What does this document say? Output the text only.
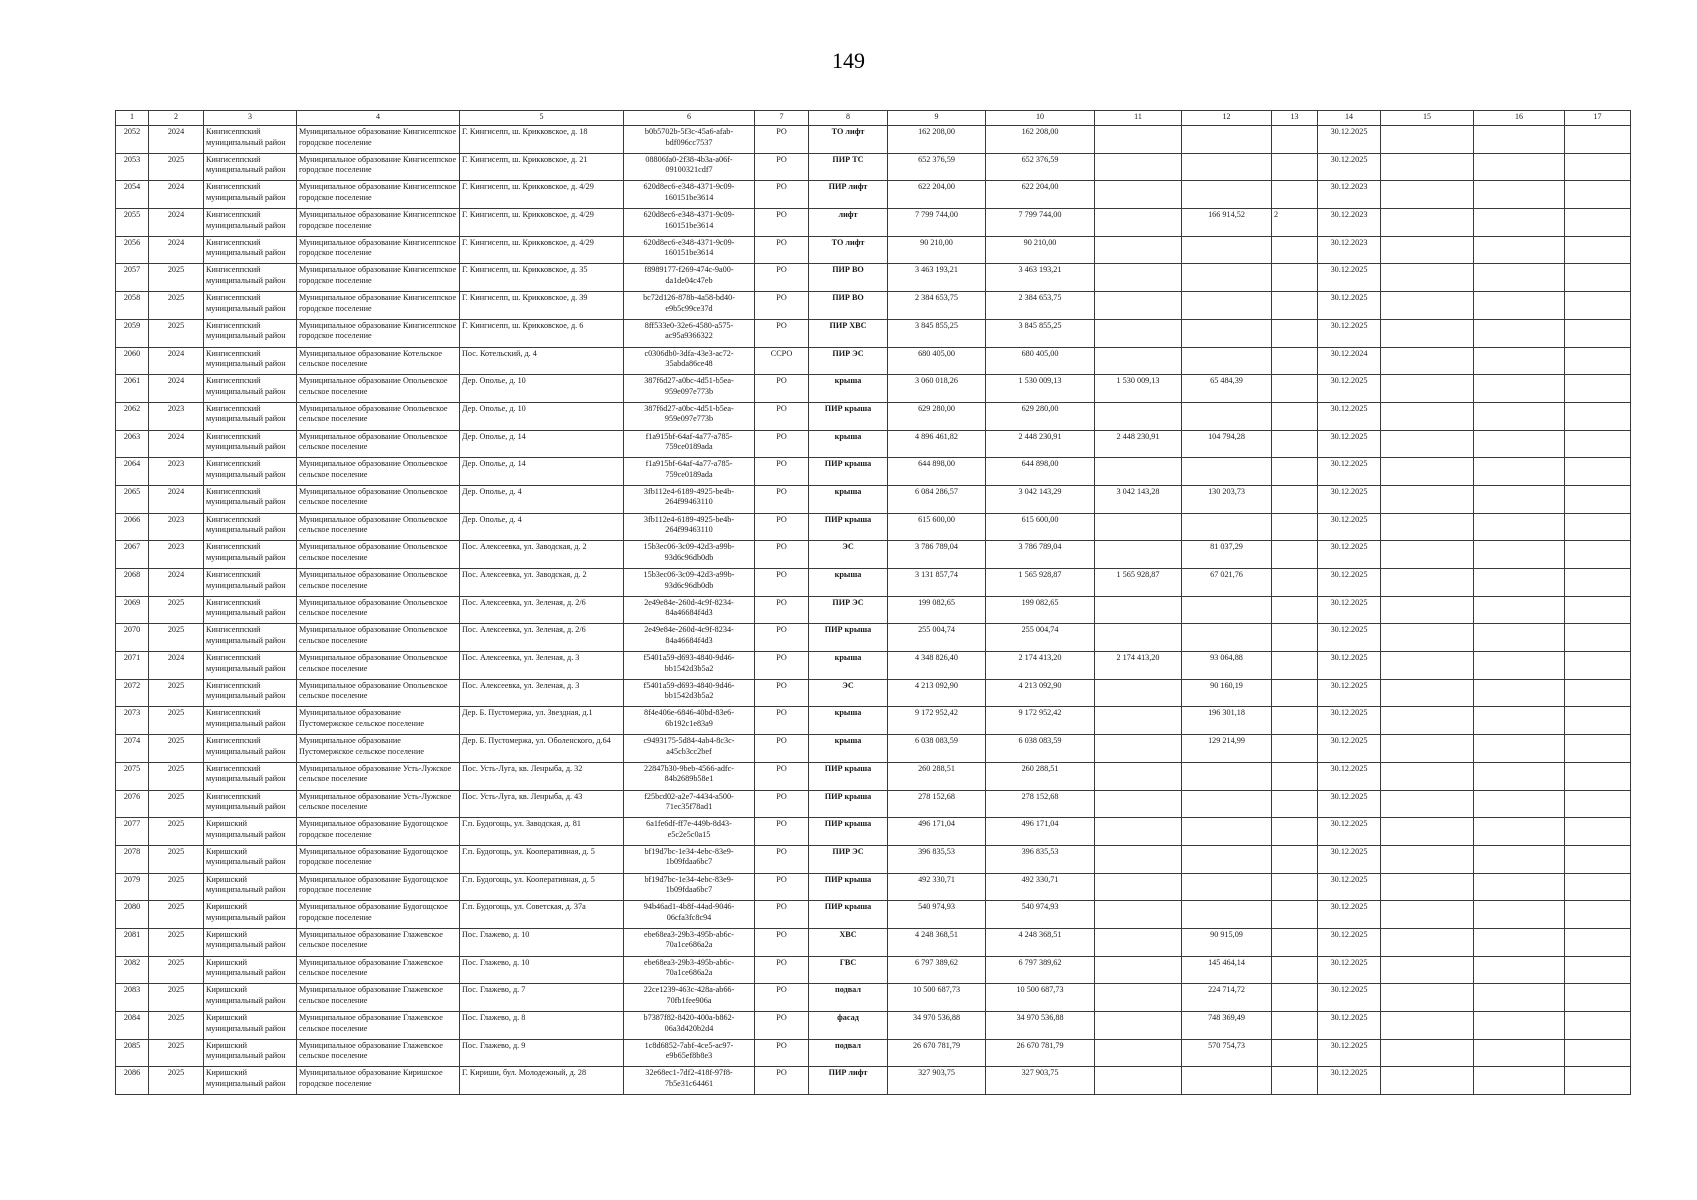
149
1	2	3	4	5	6	7	8	9	10	11	12	13	14	15	16	17
2052	2024	Кингисеппский муниципальный район	Муниципальное образование Кингисеппское городское поселение	Г. Кингисепп, ш. Крикковское, д. 18	b0b5702b-5f3c-45a6-afab-bdf096cc7537	РО	ТО лифт	162 208,00	162 208,00				30.12.2025			
2053	2025	Кингисеппский муниципальный район	Муниципальное образование Кингисеппское городское поселение	Г. Кингисепп, ш. Крикковское, д. 21	08806fa0-2f38-4b3a-a06f-09100321cdf7	РО	ПИР ТС	652 376,59	652 376,59				30.12.2025			
2054	2024	Кингисеппский муниципальный район	Муниципальное образование Кингисеппское городское поселение	Г. Кингисепп, ш. Крикковское, д. 4/29	620d8ec6-e348-4371-9c09-160151be3614	РО	ПИР лифт	622 204,00	622 204,00				30.12.2023			
2055	2024	Кингисеппский муниципальный район	Муниципальное образование Кингисеппское городское поселение	Г. Кингисепп, ш. Крикковское, д. 4/29	620d8ec6-e348-4371-9c09-160151be3614	РО	лифт	7 799 744,00	7 799 744,00		166 914,52	2	30.12.2023			
2056	2024	Кингисеппский муниципальный район	Муниципальное образование Кингисеппское городское поселение	Г. Кингисепп, ш. Крикковское, д. 4/29	620d8ec6-e348-4371-9c09-160151be3614	РО	ТО лифт	90 210,00	90 210,00				30.12.2023			
2057	2025	Кингисеппский муниципальный район	Муниципальное образование Кингисеппское городское поселение	Г. Кингисепп, ш. Крикковское, д. 35	f8989177-f269-474c-9a00-da1de04c47eb	РО	ПИР ВО	3 463 193,21	3 463 193,21				30.12.2025			
2058	2025	Кингисеппский муниципальный район	Муниципальное образование Кингисеппское городское поселение	Г. Кингисепп, ш. Крикковское, д. 39	bc72d126-878b-4a58-bd40-e9b5c99ce37d	РО	ПИР ВО	2 384 653,75	2 384 653,75				30.12.2025			
2059	2025	Кингисеппский муниципальный район	Муниципальное образование Кингисеппское городское поселение	Г. Кингисепп, ш. Крикковское, д. 6	8ff533e0-32e6-4580-a575-ac95a9366322	РО	ПИР ХВС	3 845 855,25	3 845 855,25				30.12.2025			
2060	2024	Кингисеппский муниципальный район	Муниципальное образование Котельское сельское поселение	Пос. Котельский, д. 4	c0306db0-3dfa-43e3-ac72-35abda86ce48	ССРО	ПИР ЭС	680 405,00	680 405,00				30.12.2024			
2061	2024	Кингисеппский муниципальный район	Муниципальное образование Опольевское сельское поселение	Дер. Ополье, д. 10	387f6d27-a0bc-4d51-b5ea-959e097e773b	РО	крыша	3 060 018,26	1 530 009,13	1 530 009,13	65 484,39		30.12.2025			
2062	2023	Кингисеппский муниципальный район	Муниципальное образование Опольевское сельское поселение	Дер. Ополье, д. 10	387f6d27-a0bc-4d51-b5ea-959e097e773b	РО	ПИР крыша	629 280,00	629 280,00				30.12.2025			
2063	2024	Кингисеппский муниципальный район	Муниципальное образование Опольевское сельское поселение	Дер. Ополье, д. 14	f1a915bf-64af-4a77-a785-759ce0189ada	РО	крыша	4 896 461,82	2 448 230,91	2 448 230,91	104 794,28		30.12.2025			
2064	2023	Кингисеппский муниципальный район	Муниципальное образование Опольевское сельское поселение	Дер. Ополье, д. 14	f1a915bf-64af-4a77-a785-759ce0189ada	РО	ПИР крыша	644 898,00	644 898,00				30.12.2025			
2065	2024	Кингисеппский муниципальный район	Муниципальное образование Опольевское сельское поселение	Дер. Ополье, д. 4	3fb112e4-6189-4925-be4b-264f99463110	РО	крыша	6 084 286,57	3 042 143,29	3 042 143,28	130 203,73		30.12.2025			
2066	2023	Кингисеппский муниципальный район	Муниципальное образование Опольевское сельское поселение	Дер. Ополье, д. 4	3fb112e4-6189-4925-be4b-264f99463110	РО	ПИР крыша	615 600,00	615 600,00				30.12.2025			
2067	2023	Кингисеппский муниципальный район	Муниципальное образование Опольевское сельское поселение	Пос. Алексеевка, ул. Заводская, д. 2	15b3ec06-3c09-42d3-a99b-93d6c96db0db	РО	ЭС	3 786 789,04	3 786 789,04		81 037,29		30.12.2025			
2068	2024	Кингисеппский муниципальный район	Муниципальное образование Опольевское сельское поселение	Пос. Алексеевка, ул. Заводская, д. 2	15b3ec06-3c09-42d3-a99b-93d6c96db0db	РО	крыша	3 131 857,74	1 565 928,87	1 565 928,87	67 021,76		30.12.2025			
2069	2025	Кингисеппский муниципальный район	Муниципальное образование Опольевское сельское поселение	Пос. Алексеевка, ул. Зеленая, д. 2/6	2e49e84e-260d-4c9f-8234-84a46684f4d3	РО	ПИР ЭС	199 082,65	199 082,65				30.12.2025			
2070	2025	Кингисеппский муниципальный район	Муниципальное образование Опольевское сельское поселение	Пос. Алексеевка, ул. Зеленая, д. 2/6	2e49e84e-260d-4c9f-8234-84a46684f4d3	РО	ПИР крыша	255 004,74	255 004,74				30.12.2025			
2071	2024	Кингисеппский муниципальный район	Муниципальное образование Опольевское сельское поселение	Пос. Алексеевка, ул. Зеленая, д. 3	f5401a59-d693-4840-9d46-bb1542d3b5a2	РО	крыша	4 348 826,40	2 174 413,20	2 174 413,20	93 064,88		30.12.2025			
2072	2025	Кингисеппский муниципальный район	Муниципальное образование Опольевское сельское поселение	Пос. Алексеевка, ул. Зеленая, д. 3	f5401a59-d693-4840-9d46-bb1542d3b5a2	РО	ЭС	4 213 092,90	4 213 092,90		90 160,19		30.12.2025			
2073	2025	Кингисеппский муниципальный район	Муниципальное образование Пустомержское сельское поселение	Дер. Б. Пустомержа, ул. Звездная, д.1	8f4e406e-6846-40bd-83e6-6b192c1e83a9	РО	крыша	9 172 952,42	9 172 952,42		196 301,18		30.12.2025			
2074	2025	Кингисеппский муниципальный район	Муниципальное образование Пустомержское сельское поселение	Дер. Б. Пустомержа, ул. Оболенского, д.64	c9493175-5d84-4ab4-8c3c-a45cb3cc2bef	РО	крыша	6 038 083,59	6 038 083,59		129 214,99		30.12.2025			
2075	2025	Кингисеппский муниципальный район	Муниципальное образование Усть-Лужское сельское поселение	Пос. Усть-Луга, кв. Ленрыба, д. 32	22847b30-9beb-4566-adfc-84b2689b58e1	РО	ПИР крыша	260 288,51	260 288,51				30.12.2025			
2076	2025	Кингисеппский муниципальный район	Муниципальное образование Усть-Лужское сельское поселение	Пос. Усть-Луга, кв. Ленрыба, д. 43	f25bcd02-a2e7-4434-a500-71ec35f78ad1	РО	ПИР крыша	278 152,68	278 152,68				30.12.2025			
2077	2025	Киришский муниципальный район	Муниципальное образование Будогощское городское поселение	Г.п. Будогощь, ул. Заводская, д. 81	6a1fe6df-ff7e-449b-8d43-e5c2e5c0a15	РО	ПИР крыша	496 171,04	496 171,04				30.12.2025			
2078	2025	Киришский муниципальный район	Муниципальное образование Будогощское городское поселение	Г.п. Будогощь, ул. Кооперативная, д. 5	bf19d7bc-1e34-4ebc-83e9-1b09fdaa6bc7	РО	ПИР ЭС	396 835,53	396 835,53				30.12.2025			
2079	2025	Киришский муниципальный район	Муниципальное образование Будогощское городское поселение	Г.п. Будогощь, ул. Кооперативная, д. 5	bf19d7bc-1e34-4ebc-83e9-1b09fdaa6bc7	РО	ПИР крыша	492 330,71	492 330,71				30.12.2025			
2080	2025	Киришский муниципальный район	Муниципальное образование Будогощское городское поселение	Г.п. Будогощь, ул. Советская, д. 37а	94b46ad1-4b8f-44ad-9046-06cfa3fc8c94	РО	ПИР крыша	540 974,93	540 974,93				30.12.2025			
2081	2025	Киришский муниципальный район	Муниципальное образование Глажевское сельское поселение	Пос. Глажево, д. 10	ebe68ea3-29b3-495b-ab6c-70a1ce686a2a	РО	ХВС	4 248 368,51	4 248 368,51		90 915,09		30.12.2025			
2082	2025	Киришский муниципальный район	Муниципальное образование Глажевское сельское поселение	Пос. Глажево, д. 10	ebe68ea3-29b3-495b-ab6c-70a1ce686a2a	РО	ГВС	6 797 389,62	6 797 389,62		145 464,14		30.12.2025			
2083	2025	Киришский муниципальный район	Муниципальное образование Глажевское сельское поселение	Пос. Глажево, д. 7	22ce1239-463c-428a-ab66-70fb1fee906a	РО	подвал	10 500 687,73	10 500 687,73		224 714,72		30.12.2025			
2084	2025	Киришский муниципальный район	Муниципальное образование Глажевское сельское поселение	Пос. Глажево, д. 8	b7387f82-8420-400a-b862-06a3d420b2d4	РО	фасад	34 970 536,88	34 970 536,88		748 369,49		30.12.2025			
2085	2025	Киришский муниципальный район	Муниципальное образование Глажевское сельское поселение	Пос. Глажево, д. 9	1c8d6852-7abf-4ce5-ac97-e9b65ef8b8e3	РО	подвал	26 670 781,79	26 670 781,79		570 754,73		30.12.2025			
2086	2025	Киришский муниципальный район	Муниципальное образование Киришское городское поселение	Г. Кириши, бул. Молодежный, д. 28	32e68ec1-7df2-418f-97f8-7b5e31c64461	РО	ПИР лифт	327 903,75	327 903,75				30.12.2025			
